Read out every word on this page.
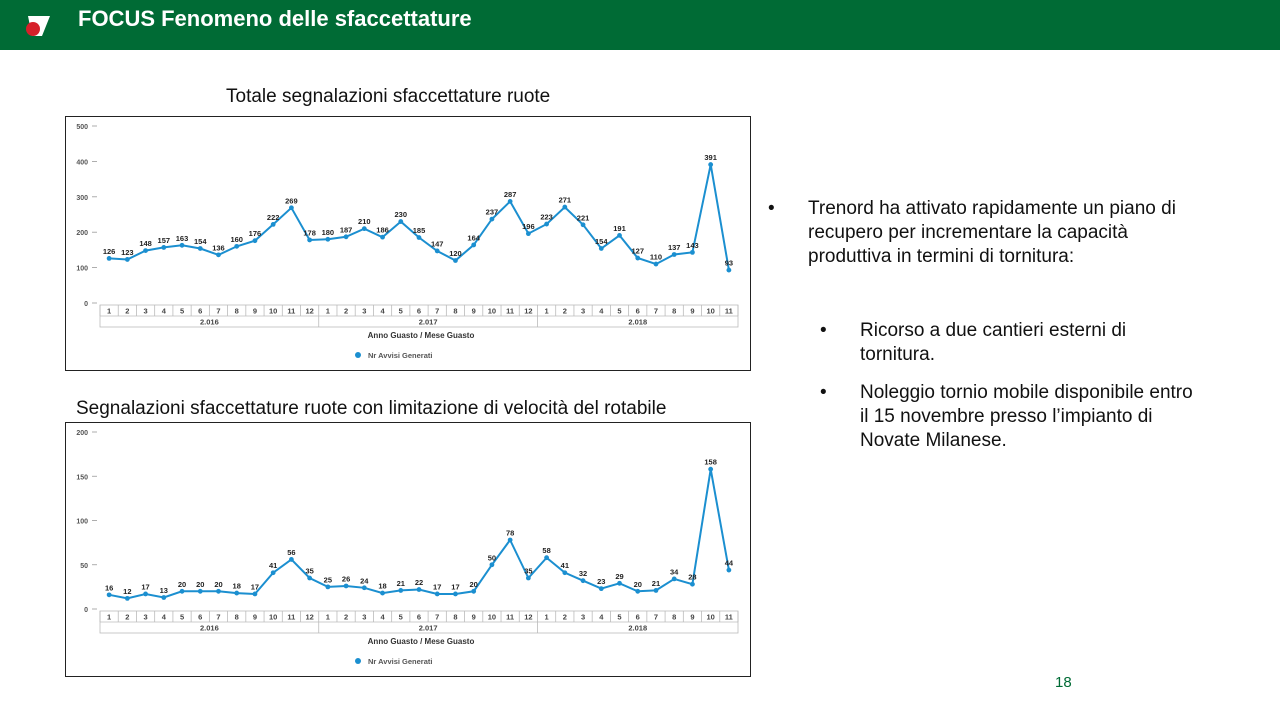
FOCUS Fenomeno delle sfaccettature
Totale segnalazioni sfaccettature ruote
0
100
200
300
400
500
1 2 3 4 5 6 7 8 9 10 11 12 1 2 3 4 5 6 7 8 9 10 11 12 1 2 3 4 5 6 7 8 9 10 11
2.016	2.017	2.018
Anno Guasto / Mese Guasto
Nr Avvisi Generati
126 123
148 157 163 154
136
160
176
222
269
178 180 187
210
186
230
185
147
120
164
237
287
196
223
271
221
154
191
127
110
137 143
391
93
Segnalazioni sfaccettature ruote con limitazione di velocità del rotabile
0
50
100
150
200
1 2 3 4 5 6 7 8 9 10 11 12 1 2 3 4 5 6 7 8 9 10 11 12 1 2 3 4 5 6 7 8 9 10 11
2.016	2.017	2.018
Anno Guasto / Mese Guasto
Nr Avvisi Generati
16 12 17 13
20 20 20 18 17
41
56
35
25 26 24
18 21 22 17 17 20
50
78
35
58
41
32
23
29
20 21
34
28
158
44
• Trenord ha attivato rapidamente un piano di recupero per incrementare la capacità produttiva in termini di tornitura:
• Ricorso a due cantieri esterni di tornitura.
• Noleggio tornio mobile disponibile entro il 15 novembre presso l’impianto di Novate Milanese.
18
